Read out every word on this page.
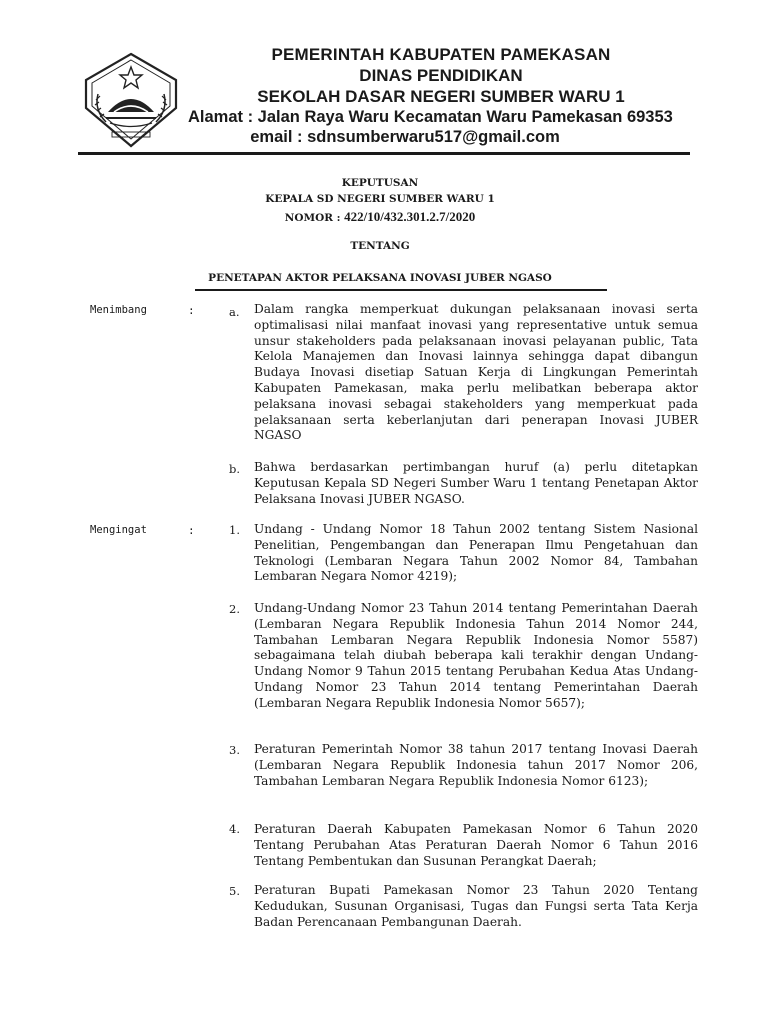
PEMERINTAH KABUPATEN PAMEKASAN
DINAS PENDIDIKAN
SEKOLAH DASAR NEGERI SUMBER WARU 1
Alamat : Jalan Raya Waru Kecamatan Waru Pamekasan 69353
email : sdnsumberwaru517@gmail.com
KEPUTUSAN
KEPALA SD NEGERI SUMBER WARU 1
NOMOR : 422/10/432.301.2.7/2020
TENTANG
PENETAPAN AKTOR PELAKSANA INOVASI JUBER NGASO
Menimbang	:	a. Dalam rangka memperkuat dukungan pelaksanaan inovasi serta optimalisasi nilai manfaat inovasi yang representative untuk semua unsur stakeholders pada pelaksanaan inovasi pelayanan public, Tata Kelola Manajemen dan Inovasi lainnya sehingga dapat dibangun Budaya Inovasi disetiap Satuan Kerja di Lingkungan Pemerintah Kabupaten Pamekasan, maka perlu melibatkan beberapa aktor pelaksana inovasi sebagai stakeholders yang memperkuat pada pelaksanaan serta keberlanjutan dari penerapan Inovasi JUBER NGASO
b. Bahwa berdasarkan pertimbangan huruf (a) perlu ditetapkan Keputusan Kepala SD Negeri Sumber Waru 1 tentang Penetapan Aktor Pelaksana Inovasi JUBER NGASO.
Mengingat	:	1. Undang - Undang Nomor 18 Tahun 2002 tentang Sistem Nasional Penelitian, Pengembangan dan Penerapan Ilmu Pengetahuan dan Teknologi (Lembaran Negara Tahun 2002 Nomor 84, Tambahan Lembaran Negara Nomor 4219);
2. Undang-Undang Nomor 23 Tahun 2014 tentang Pemerintahan Daerah (Lembaran Negara Republik Indonesia Tahun 2014 Nomor 244, Tambahan Lembaran Negara Republik Indonesia Nomor 5587) sebagaimana telah diubah beberapa kali terakhir dengan Undang-Undang Nomor 9 Tahun 2015 tentang Perubahan Kedua Atas Undang-Undang Nomor 23 Tahun 2014 tentang Pemerintahan Daerah (Lembaran Negara Republik Indonesia Nomor 5657);
3. Peraturan Pemerintah Nomor 38 tahun 2017 tentang Inovasi Daerah (Lembaran Negara Republik Indonesia tahun 2017 Nomor 206, Tambahan Lembaran Negara Republik Indonesia Nomor 6123);
4. Peraturan Daerah Kabupaten Pamekasan Nomor 6 Tahun 2020 Tentang Perubahan Atas Peraturan Daerah Nomor 6 Tahun 2016 Tentang Pembentukan dan Susunan Perangkat Daerah;
5. Peraturan Bupati Pamekasan Nomor 23 Tahun 2020 Tentang Kedudukan, Susunan Organisasi, Tugas dan Fungsi serta Tata Kerja Badan Perencanaan Pembangunan Daerah.
